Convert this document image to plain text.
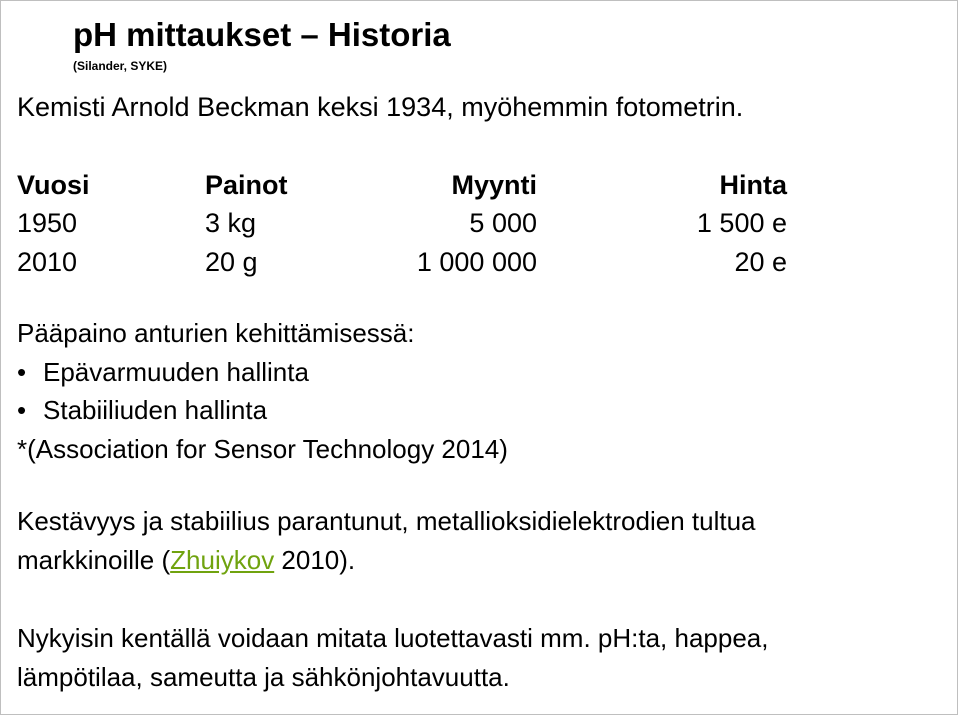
pH mittaukset – Historia
(Silander, SYKE)
Kemisti Arnold Beckman keksi 1934, myöhemmin fotometrin.
Vuosi	Painot	Myynti	Hinta
1950	3 kg	5 000	1 500 e
2010	20 g	1 000 000	20 e
Pääpaino anturien kehittämisessä:
• Epävarmuuden hallinta
• Stabiiliuden hallinta
*(Association for Sensor Technology 2014)
Kestävyys ja stabiilius parantunut, metallioksidielektrodien tultua
markkinoille (Zhuiykov 2010).
Nykyisin kentällä voidaan mitata luotettavasti mm. pH:ta, happea,
lämpötilaa, sameutta ja sähkönjohtavuutta.
